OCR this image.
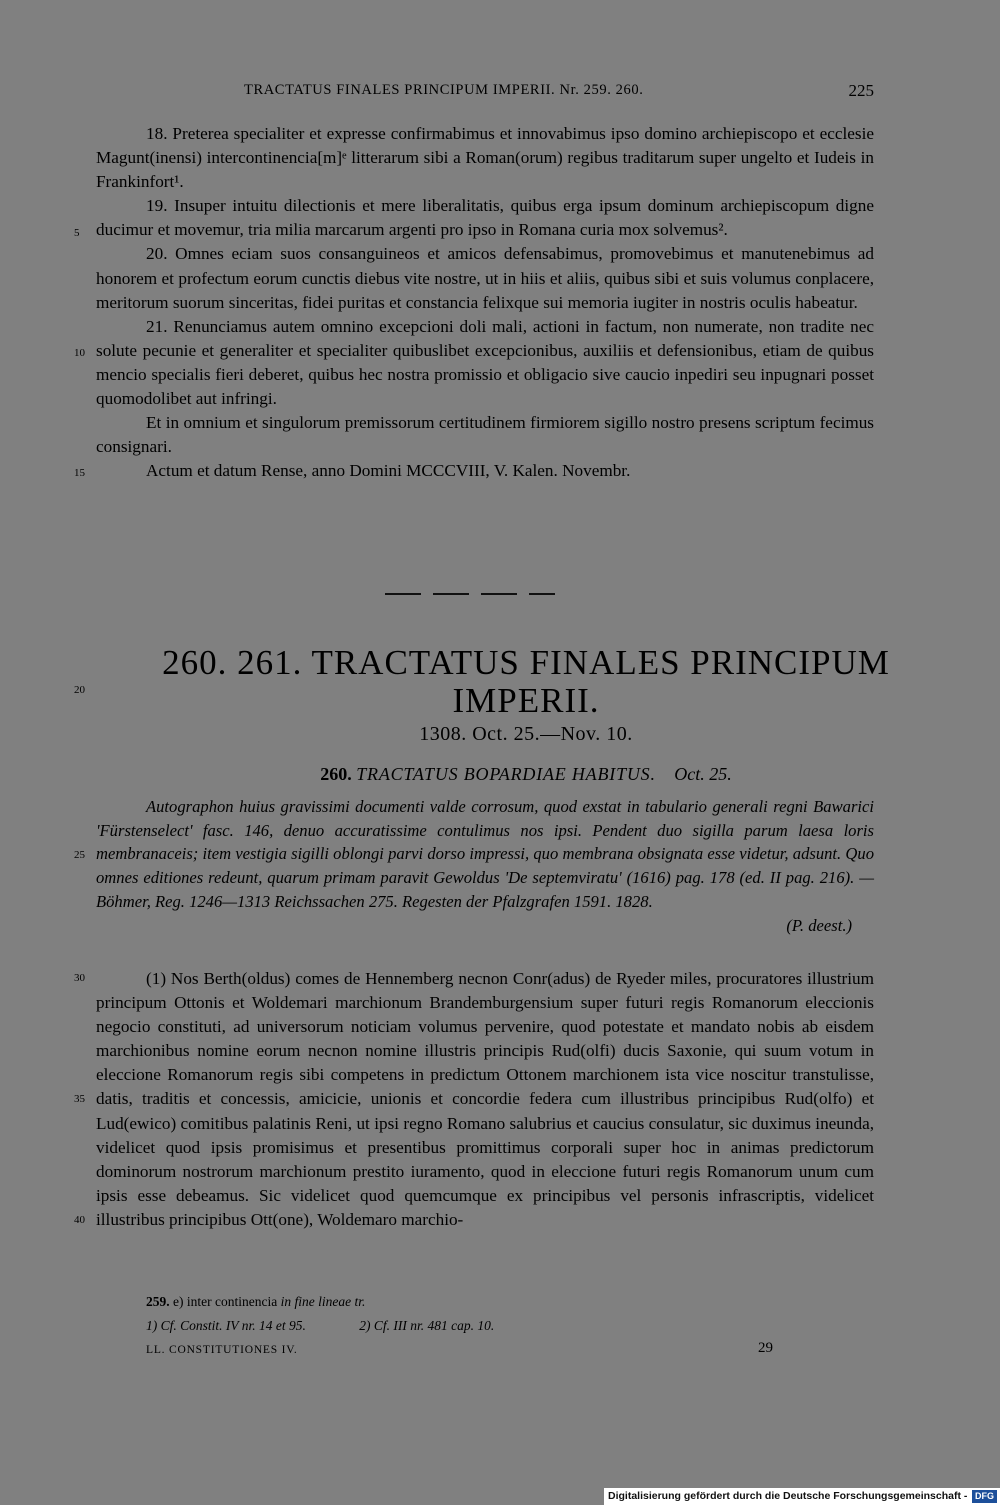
TRACTATUS FINALES PRINCIPUM IMPERII. Nr. 259. 260.	225

18. Preterea specialiter et expresse confirmabimus et innovabimus ipso domino archiepiscopo et ecclesie Magunt(inensi) intercontinencia[m]ᵉ litterarum sibi a Roman(orum) regibus traditarum super ungelto et Iudeis in Frankinfort¹.

19. Insuper intuitu dilectionis et mere liberalitatis, quibus erga ipsum dominum archiepiscopum digne ducimur et movemur, tria milia marcarum argenti pro ipso in Romana curia mox solvemus².

20. Omnes eciam suos consanguineos et amicos defensabimus, promovebimus et manutenebimus ad honorem et profectum eorum cunctis diebus vite nostre, ut in hiis et aliis, quibus sibi et suis volumus conplacere, meritorum suorum sinceritas, fidei puritas et constancia felixque sui memoria iugiter in nostris oculis habeatur.

21. Renunciamus autem omnino excepcioni doli mali, actioni in factum, non numerate, non tradite nec solute pecunie et generaliter et specialiter quibuslibet excepcionibus, auxiliis et defensionibus, etiam de quibus mencio specialis fieri deberet, quibus hec nostra promissio et obligacio sive caucio inpediri seu inpugnari posset quomodolibet aut infringi.

Et in omnium et singulorum premissorum certitudinem firmiorem sigillo nostro presens scriptum fecimus consignari.

Actum et datum Rense, anno Domini MCCCVIII, V. Kalen. Novembr.

5
10
15
20
25
30
35
40
260. 261. TRACTATUS FINALES PRINCIPUM IMPERII.
1308. Oct. 25.—Nov. 10.
260. TRACTATUS BOPARDIAE HABITUS. Oct. 25.

Autographon huius gravissimi documenti valde corrosum, quod exstat in tabulario generali regni Bawarici 'Fürstenselect' fasc. 146, denuo accuratissime contulimus nos ipsi. Pendent duo sigilla parum laesa loris membranaceis; item vestigia sigilli oblongi parvi dorso impressi, quo membrana obsignata esse videtur, adsunt. Quo omnes editiones redeunt, quarum primam paravit Gewoldus 'De septemviratu' (1616) pag. 178 (ed. II pag. 216). — Böhmer, Reg. 1246—1313 Reichssachen 275. Regesten der Pfalzgrafen 1591. 1828.

(P. deest.)

(1) Nos Berth(oldus) comes de Hennemberg necnon Conr(adus) de Ryeder miles, procuratores illustrium principum Ottonis et Woldemari marchionum Brandemburgensium super futuri regis Romanorum eleccionis negocio constituti, ad universorum noticiam volumus pervenire, quod potestate et mandato nobis ab eisdem marchionibus nomine eorum necnon nomine illustris principis Rud(olfi) ducis Saxonie, qui suum votum in eleccione Romanorum regis sibi competens in predictum Ottonem marchionem ista vice noscitur transtulisse, datis, traditis et concessis, amicicie, unionis et concordie federa cum illustribus principibus Rud(olfo) et Lud(ewico) comitibus palatinis Reni, ut ipsi regno Romano salubrius et caucius consulatur, sic duximus ineunda, videlicet quod ipsis promisimus et presentibus promittimus corporali super hoc in animas predictorum dominorum nostrorum marchionum prestito iuramento, quod in eleccione futuri regis Romanorum unum cum ipsis esse debeamus. Sic videlicet quod quemcumque ex principibus vel personis infrascriptis, videlicet illustribus principibus Ott(one), Woldemaro marchio-

259. e) inter continencia in fine lineae tr.
1) Cf. Constit. IV nr. 14 et 95.	2) Cf. III nr. 481 cap. 10.
LL. CONSTITUTIONES IV.	29
Digitalisierung gefördert durch die Deutsche Forschungsgemeinschaft - DFG
